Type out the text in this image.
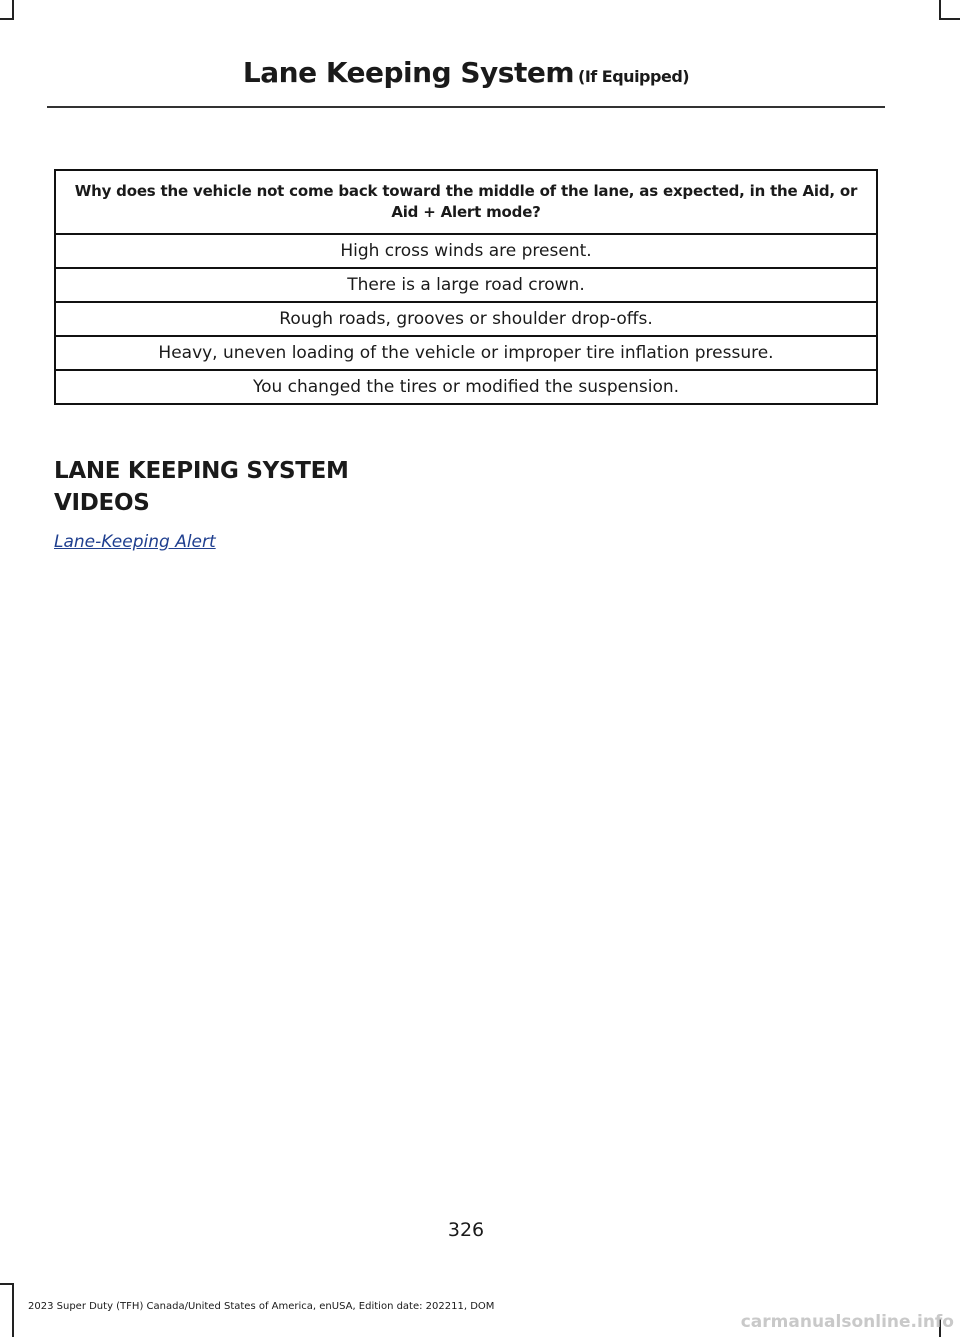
Lane Keeping System (If Equipped)
Why does the vehicle not come back toward the middle of the lane, as expected, in the Aid, or Aid + Alert mode?
High cross winds are present.
There is a large road crown.
Rough roads, grooves or shoulder drop-offs.
Heavy, uneven loading of the vehicle or improper tire inflation pressure.
You changed the tires or modified the suspension.
LANE KEEPING SYSTEM
VIDEOS
Lane-Keeping Alert
326
2023 Super Duty (TFH) Canada/United States of America, enUSA, Edition date: 202211, DOM
carmanualsonline.info
